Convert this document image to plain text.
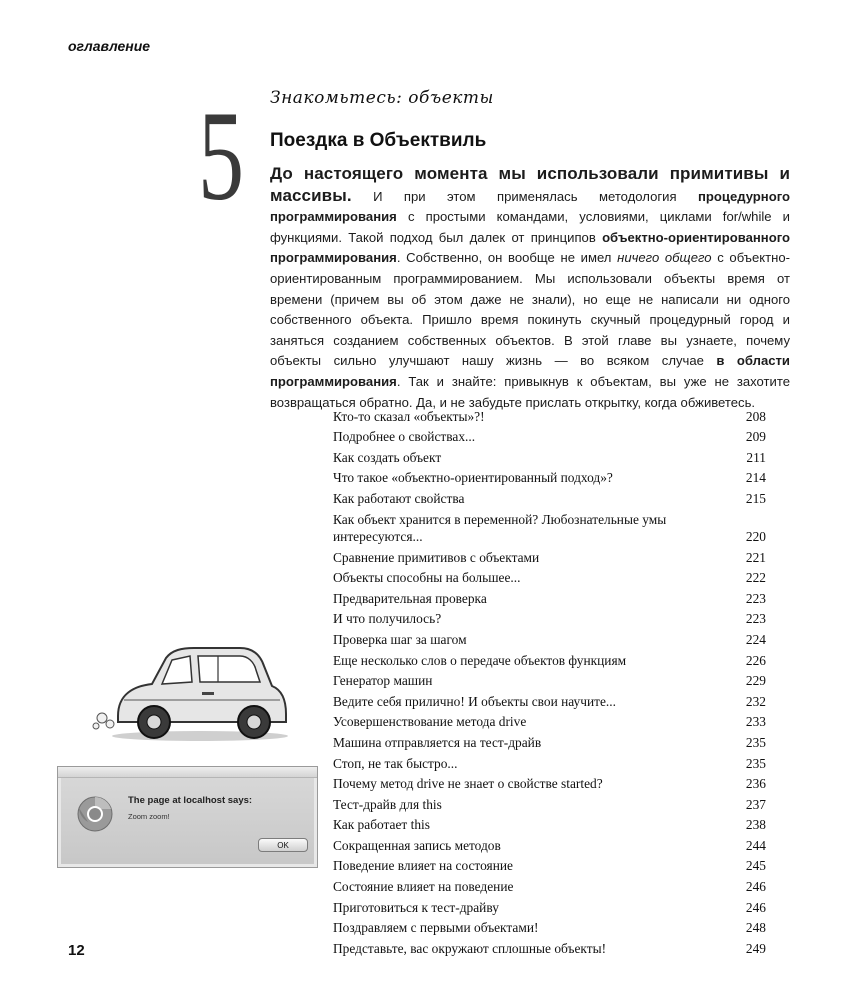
оглавление
5 Знакомьтесь: объекты
Поездка в Объектвиль
До настоящего момента мы использовали примитивы и массивы. И при этом применялась методология процедурного программирования с простыми командами, условиями, циклами for/while и функциями. Такой подход был далек от принципов объектно-ориентированного программирования. Собственно, он вообще не имел ничего общего с объектно-ориентированным программированием. Мы использовали объекты время от времени (причем вы об этом даже не знали), но еще не написали ни одного собственного объекта. Пришло время покинуть скучный процедурный город и заняться созданием собственных объектов. В этой главе вы узнаете, почему объекты сильно улучшают нашу жизнь — во всяком случае в области программирования. Так и знайте: привыкнув к объектам, вы уже не захотите возвращаться обратно. Да, и не забудьте прислать открытку, когда обживетесь.
Кто-то сказал «объекты»?!	208
Подробнее о свойствах...	209
Как создать объект	211
Что такое «объектно-ориентированный подход»?	214
Как работают свойства	215
Как объект хранится в переменной? Любознательные умы интересуются...	220
Сравнение примитивов с объектами	221
Объекты способны на большее...	222
Предварительная проверка	223
И что получилось?	223
Проверка шаг за шагом	224
Еще несколько слов о передаче объектов функциям	226
Генератор машин	229
Ведите себя прилично! И объекты свои научите...	232
Усовершенствование метода drive	233
Машина отправляется на тест-драйв	235
Стоп, не так быстро...	235
Почему метод drive не знает о свойстве started?	236
Тест-драйв для this	237
Как работает this	238
Сокращенная запись методов	244
Поведение влияет на состояние	245
Состояние влияет на поведение	246
Приготовиться к тест-драйву	246
Поздравляем с первыми объектами!	248
Представьте, вас окружают сплошные объекты!	249
The page at localhost says:
Zoom zoom!
OK
12
